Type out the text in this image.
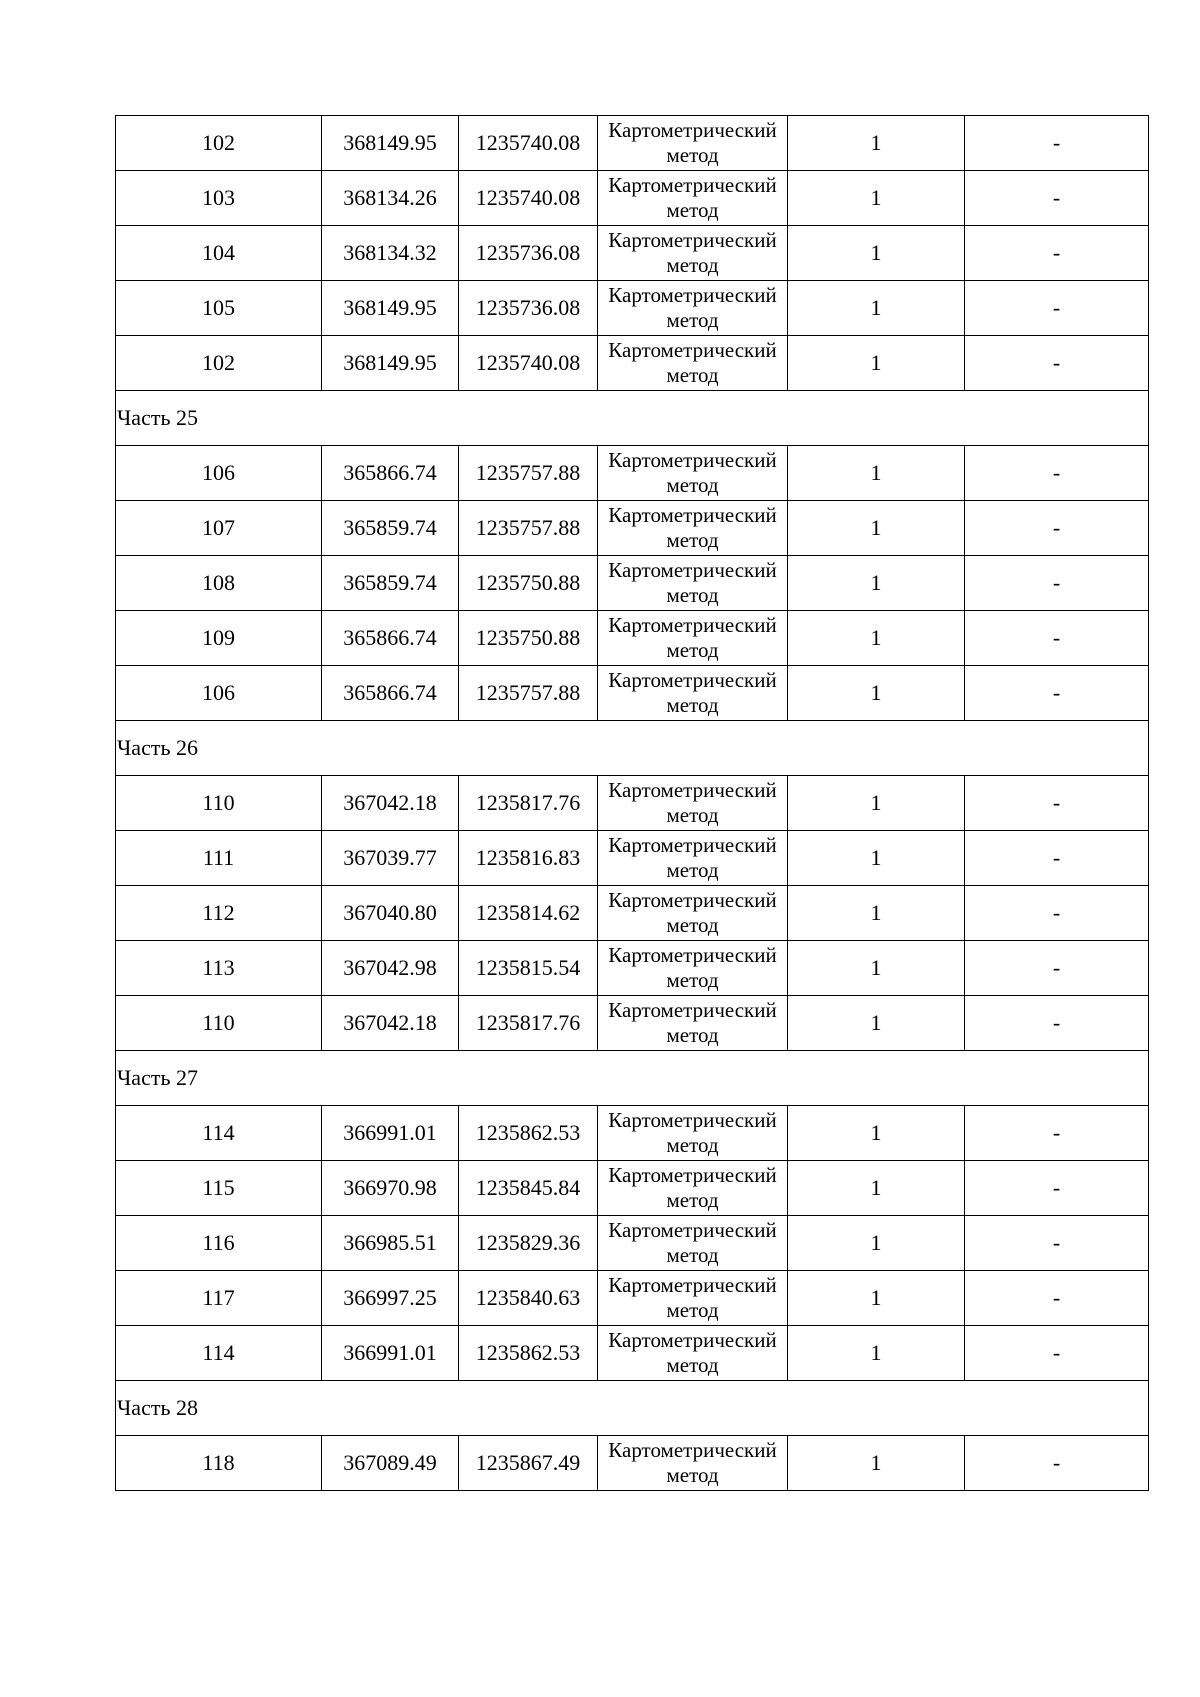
102	368149.95	1235740.08	Картометрический метод	1	-
103	368134.26	1235740.08	Картометрический метод	1	-
104	368134.32	1235736.08	Картометрический метод	1	-
105	368149.95	1235736.08	Картометрический метод	1	-
102	368149.95	1235740.08	Картометрический метод	1	-
Часть 25					
106	365866.74	1235757.88	Картометрический метод	1	-
107	365859.74	1235757.88	Картометрический метод	1	-
108	365859.74	1235750.88	Картометрический метод	1	-
109	365866.74	1235750.88	Картометрический метод	1	-
106	365866.74	1235757.88	Картометрический метод	1	-
Часть 26					
110	367042.18	1235817.76	Картометрический метод	1	-
111	367039.77	1235816.83	Картометрический метод	1	-
112	367040.80	1235814.62	Картометрический метод	1	-
113	367042.98	1235815.54	Картометрический метод	1	-
110	367042.18	1235817.76	Картометрический метод	1	-
Часть 27					
114	366991.01	1235862.53	Картометрический метод	1	-
115	366970.98	1235845.84	Картометрический метод	1	-
116	366985.51	1235829.36	Картометрический метод	1	-
117	366997.25	1235840.63	Картометрический метод	1	-
114	366991.01	1235862.53	Картометрический метод	1	-
Часть 28					
118	367089.49	1235867.49	Картометрический метод	1	-
